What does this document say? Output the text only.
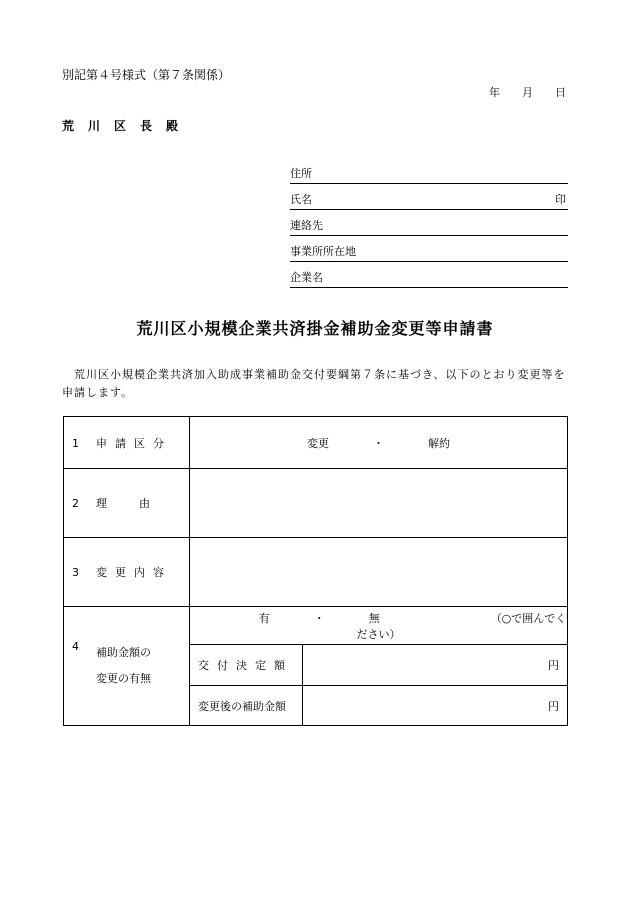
別記第４号様式（第７条関係）
年 月 日
荒川区長殿
住所
氏名	印
連絡先
事業所所在地
企業名
荒川区小規模企業共済掛金補助金変更等申請書
荒川区小規模企業共済加入助成事業補助金交付要綱第７条に基づき、以下のとおり変更等を申請します。
1 申請区分	変更 ・ 解約	
2 理由		
3 変更内容		

4 補助金額の
変更の有無	有 ・ 無 （○で囲んでください）	
	交付決定額	円
	変更後の補助金額	円
